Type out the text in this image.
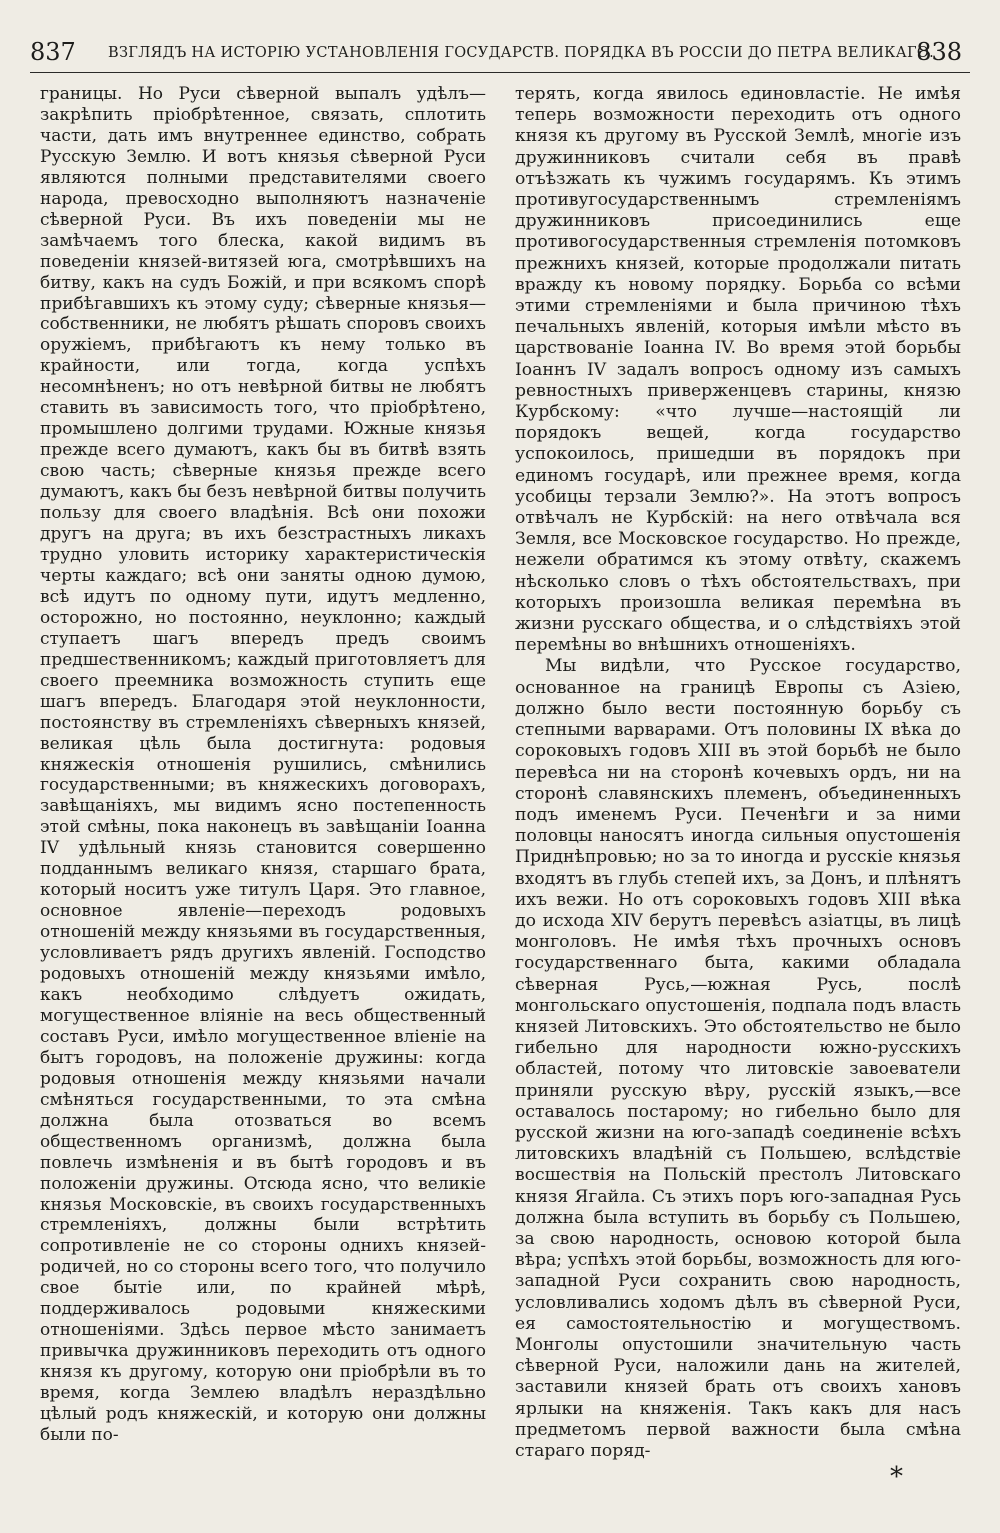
837 ВЗГЛЯДЪ НА ИСТОРІЮ УСТАНОВЛЕНІЯ ГОСУДАРСТВ. ПОРЯДКА ВЪ РОССІИ ДО ПЕТРА ВЕЛИКАГО.
838

границы. Но Руси сѣверной выпалъ удѣлъ—закрѣпить пріобрѣтенное, связать, сплотить части, дать имъ внутреннее единство, собрать Русскую Землю. И вотъ князья сѣверной Руси являются полными представителями своего народа, превосходно выполняютъ назначеніе сѣверной Руси. Въ ихъ поведеніи мы не замѣчаемъ того блеска, какой видимъ въ поведеніи князей-витязей юга, смотрѣвшихъ на битву, какъ на судъ Божій, и при всякомъ спорѣ прибѣгавшихъ къ этому суду; сѣверные князья—собственники, не любятъ рѣшать споровъ своихъ оружіемъ, прибѣгаютъ къ нему только въ крайности, или тогда, когда успѣхъ несомнѣненъ; но отъ невѣрной битвы не любятъ ставить въ зависимость того, что пріобрѣтено, промышлено долгими трудами. Южные князья прежде всего думаютъ, какъ бы въ битвѣ взять свою часть; сѣверные князья прежде всего думаютъ, какъ бы безъ невѣрной битвы получить пользу для своего владѣнія. Всѣ они похожи другъ на друга; въ ихъ безстрастныхъ ликахъ трудно уловить историку характеристическія черты каждаго; всѣ они заняты одною думою, всѣ идутъ по одному пути, идутъ медленно, осторожно, но постоянно, неуклонно; каждый ступаетъ шагъ впередъ предъ своимъ предшественникомъ; каждый приготовляетъ для своего преемника возможность ступить еще шагъ впередъ. Благодаря этой неуклонности, постоянству въ стремленіяхъ сѣверныхъ князей, великая цѣль была достигнута: родовыя княжескія отношенія рушились, смѣнились государственными; въ княжескихъ договорахъ, завѣщаніяхъ, мы видимъ ясно постепенность этой смѣны, пока наконецъ въ завѣщаніи Іоанна IV удѣльный князь становится совершенно подданнымъ великаго князя, старшаго брата, который носитъ уже титулъ Царя. Это главное, основное явленіе—переходъ родовыхъ отношеній между князьями въ государственныя, условливаетъ рядъ другихъ явленій. Господство родовыхъ отношеній между князьями имѣло, какъ необходимо слѣдуетъ ожидать, могущественное вліяніе на весь общественный составъ Руси, имѣло могущественное вліеніе на бытъ городовъ, на положеніе дружины: когда родовыя отношенія между князьями начали смѣняться государственными, то эта смѣна должна была отозваться во всемъ общественномъ организмѣ, должна была повлечь измѣненія и въ бытѣ городовъ и въ положеніи дружины. Отсюда ясно, что великіе князья Московскіе, въ своихъ государственныхъ стремленіяхъ, должны были встрѣтить сопротивленіе не со стороны однихъ князей-родичей, но со стороны всего того, что получило свое бытіе или, по крайней мѣрѣ, поддерживалось родовыми княжескими отношеніями. Здѣсь первое мѣсто занимаетъ привычка дружинниковъ переходить отъ одного князя къ другому, которую они пріобрѣли въ то время, когда Землею владѣлъ нераздѣльно цѣлый родъ княжескій, и которую они должны были по-

терять, когда явилось единовластіе. Не имѣя теперь возможности переходить отъ одного князя къ другому въ Русской Землѣ, многіе изъ дружинниковъ считали себя въ правѣ отъѣзжать къ чужимъ государямъ. Къ этимъ противугосударственнымъ стремленіямъ дружинниковъ присоединились еще противогосударственныя стремленія потомковъ прежнихъ князей, которые продолжали питать вражду къ новому порядку. Борьба со всѣми этими стремленіями и была причиною тѣхъ печальныхъ явленій, которыя имѣли мѣсто въ царствованіе Іоанна IV. Во время этой борьбы Іоаннъ IV задалъ вопросъ одному изъ самыхъ ревностныхъ приверженцевъ старины, князю Курбскому: «что лучше—настоящій ли порядокъ вещей, когда государство успокоилось, пришедши въ порядокъ при единомъ государѣ, или прежнее время, когда усобицы терзали Землю?». На этотъ вопросъ отвѣчалъ не Курбскій: на него отвѣчала вся Земля, все Московское государство. Но прежде, нежели обратимся къ этому отвѣту, скажемъ нѣсколько словъ о тѣхъ обстоятельствахъ, при которыхъ произошла великая перемѣна въ жизни русскаго общества, и о слѣдствіяхъ этой перемѣны во внѣшнихъ отношеніяхъ.

Мы видѣли, что Русское государство, основанное на границѣ Европы съ Азіею, должно было вести постоянную борьбу съ степными варварами. Отъ половины IX вѣка до сороковыхъ годовъ XIII въ этой борьбѣ не было перевѣса ни на сторонѣ кочевыхъ ордъ, ни на сторонѣ славянскихъ племенъ, объединенныхъ подъ именемъ Руси. Печенѣги и за ними половцы наносятъ иногда сильныя опустошенія Приднѣпровью; но за то иногда и русскіе князья входятъ въ глубь степей ихъ, за Донъ, и плѣнятъ ихъ вежи. Но отъ сороковыхъ годовъ XIII вѣка до исхода XIV берутъ перевѣсъ азіатцы, въ лицѣ монголовъ. Не имѣя тѣхъ прочныхъ основъ государственнаго быта, какими обладала сѣверная Русь,—южная Русь, послѣ монгольскаго опустошенія, подпала подъ власть князей Литовскихъ. Это обстоятельство не было гибельно для народности южно-русскихъ областей, потому что литовскіе завоеватели приняли русскую вѣру, русскій языкъ,—все оставалось постарому; но гибельно было для русской жизни на юго-западѣ соединеніе всѣхъ литовскихъ владѣній съ Польшею, вслѣдствіе восшествія на Польскій престолъ Литовскаго князя Ягайла. Съ этихъ поръ юго-западная Русь должна была вступить въ борьбу съ Польшею, за свою народность, основою которой была вѣра; успѣхъ этой борьбы, возможность для юго-западной Руси сохранить свою народность, условливались ходомъ дѣлъ въ сѣверной Руси, ея самостоятельностію и могуществомъ. Монголы опустошили значительную часть сѣверной Руси, наложили дань на жителей, заставили князей брать отъ своихъ хановъ ярлыки на княженія. Такъ какъ для насъ предметомъ первой важности была смѣна стараго поряд-

*
